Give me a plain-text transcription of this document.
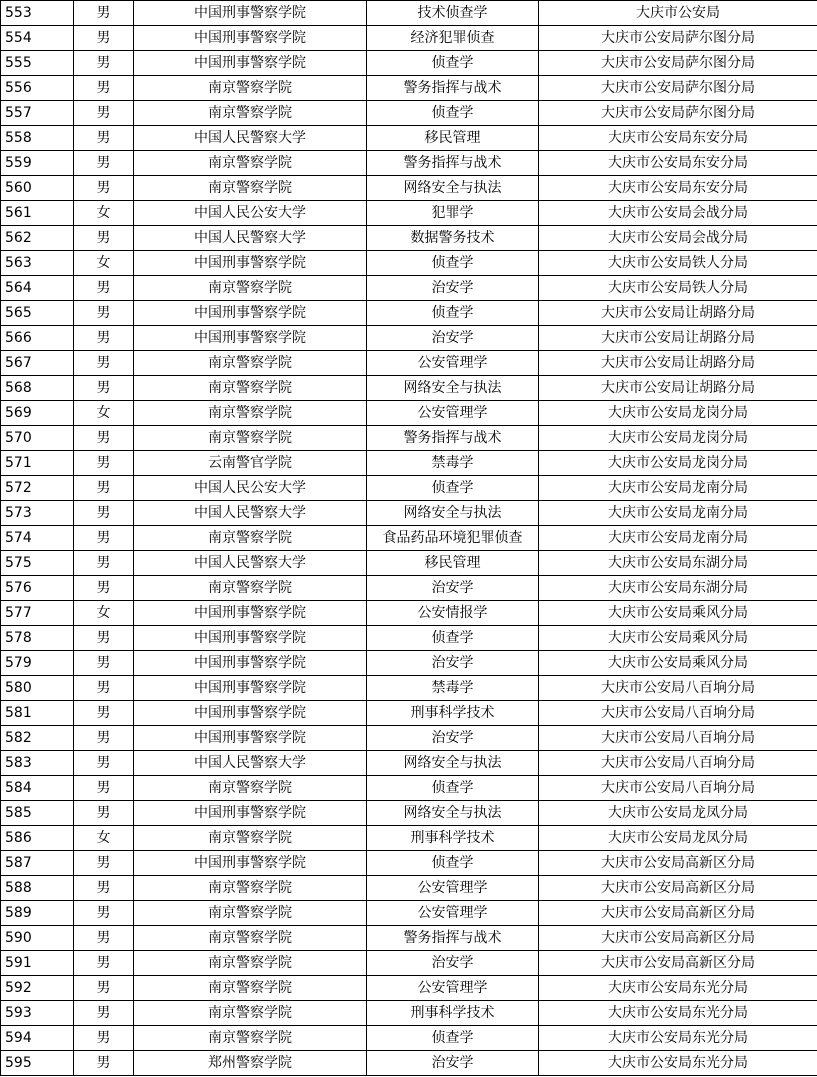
553	男	中国刑事警察学院	技术侦查学	大庆市公安局
554	男	中国刑事警察学院	经济犯罪侦查	大庆市公安局萨尔图分局
555	男	中国刑事警察学院	侦查学	大庆市公安局萨尔图分局
556	男	南京警察学院	警务指挥与战术	大庆市公安局萨尔图分局
557	男	南京警察学院	侦查学	大庆市公安局萨尔图分局
558	男	中国人民警察大学	移民管理	大庆市公安局东安分局
559	男	南京警察学院	警务指挥与战术	大庆市公安局东安分局
560	男	南京警察学院	网络安全与执法	大庆市公安局东安分局
561	女	中国人民公安大学	犯罪学	大庆市公安局会战分局
562	男	中国人民警察大学	数据警务技术	大庆市公安局会战分局
563	女	中国刑事警察学院	侦查学	大庆市公安局铁人分局
564	男	南京警察学院	治安学	大庆市公安局铁人分局
565	男	中国刑事警察学院	侦查学	大庆市公安局让胡路分局
566	男	中国刑事警察学院	治安学	大庆市公安局让胡路分局
567	男	南京警察学院	公安管理学	大庆市公安局让胡路分局
568	男	南京警察学院	网络安全与执法	大庆市公安局让胡路分局
569	女	南京警察学院	公安管理学	大庆市公安局龙岗分局
570	男	南京警察学院	警务指挥与战术	大庆市公安局龙岗分局
571	男	云南警官学院	禁毒学	大庆市公安局龙岗分局
572	男	中国人民公安大学	侦查学	大庆市公安局龙南分局
573	男	中国人民警察大学	网络安全与执法	大庆市公安局龙南分局
574	男	南京警察学院	食品药品环境犯罪侦查	大庆市公安局龙南分局
575	男	中国人民警察大学	移民管理	大庆市公安局东湖分局
576	男	南京警察学院	治安学	大庆市公安局东湖分局
577	女	中国刑事警察学院	公安情报学	大庆市公安局乘风分局
578	男	中国刑事警察学院	侦查学	大庆市公安局乘风分局
579	男	中国刑事警察学院	治安学	大庆市公安局乘风分局
580	男	中国刑事警察学院	禁毒学	大庆市公安局八百垧分局
581	男	中国刑事警察学院	刑事科学技术	大庆市公安局八百垧分局
582	男	中国刑事警察学院	治安学	大庆市公安局八百垧分局
583	男	中国人民警察大学	网络安全与执法	大庆市公安局八百垧分局
584	男	南京警察学院	侦查学	大庆市公安局八百垧分局
585	男	中国刑事警察学院	网络安全与执法	大庆市公安局龙凤分局
586	女	南京警察学院	刑事科学技术	大庆市公安局龙凤分局
587	男	中国刑事警察学院	侦查学	大庆市公安局高新区分局
588	男	南京警察学院	公安管理学	大庆市公安局高新区分局
589	男	南京警察学院	公安管理学	大庆市公安局高新区分局
590	男	南京警察学院	警务指挥与战术	大庆市公安局高新区分局
591	男	南京警察学院	治安学	大庆市公安局高新区分局
592	男	南京警察学院	公安管理学	大庆市公安局东光分局
593	男	南京警察学院	刑事科学技术	大庆市公安局东光分局
594	男	南京警察学院	侦查学	大庆市公安局东光分局
595	男	郑州警察学院	治安学	大庆市公安局东光分局
